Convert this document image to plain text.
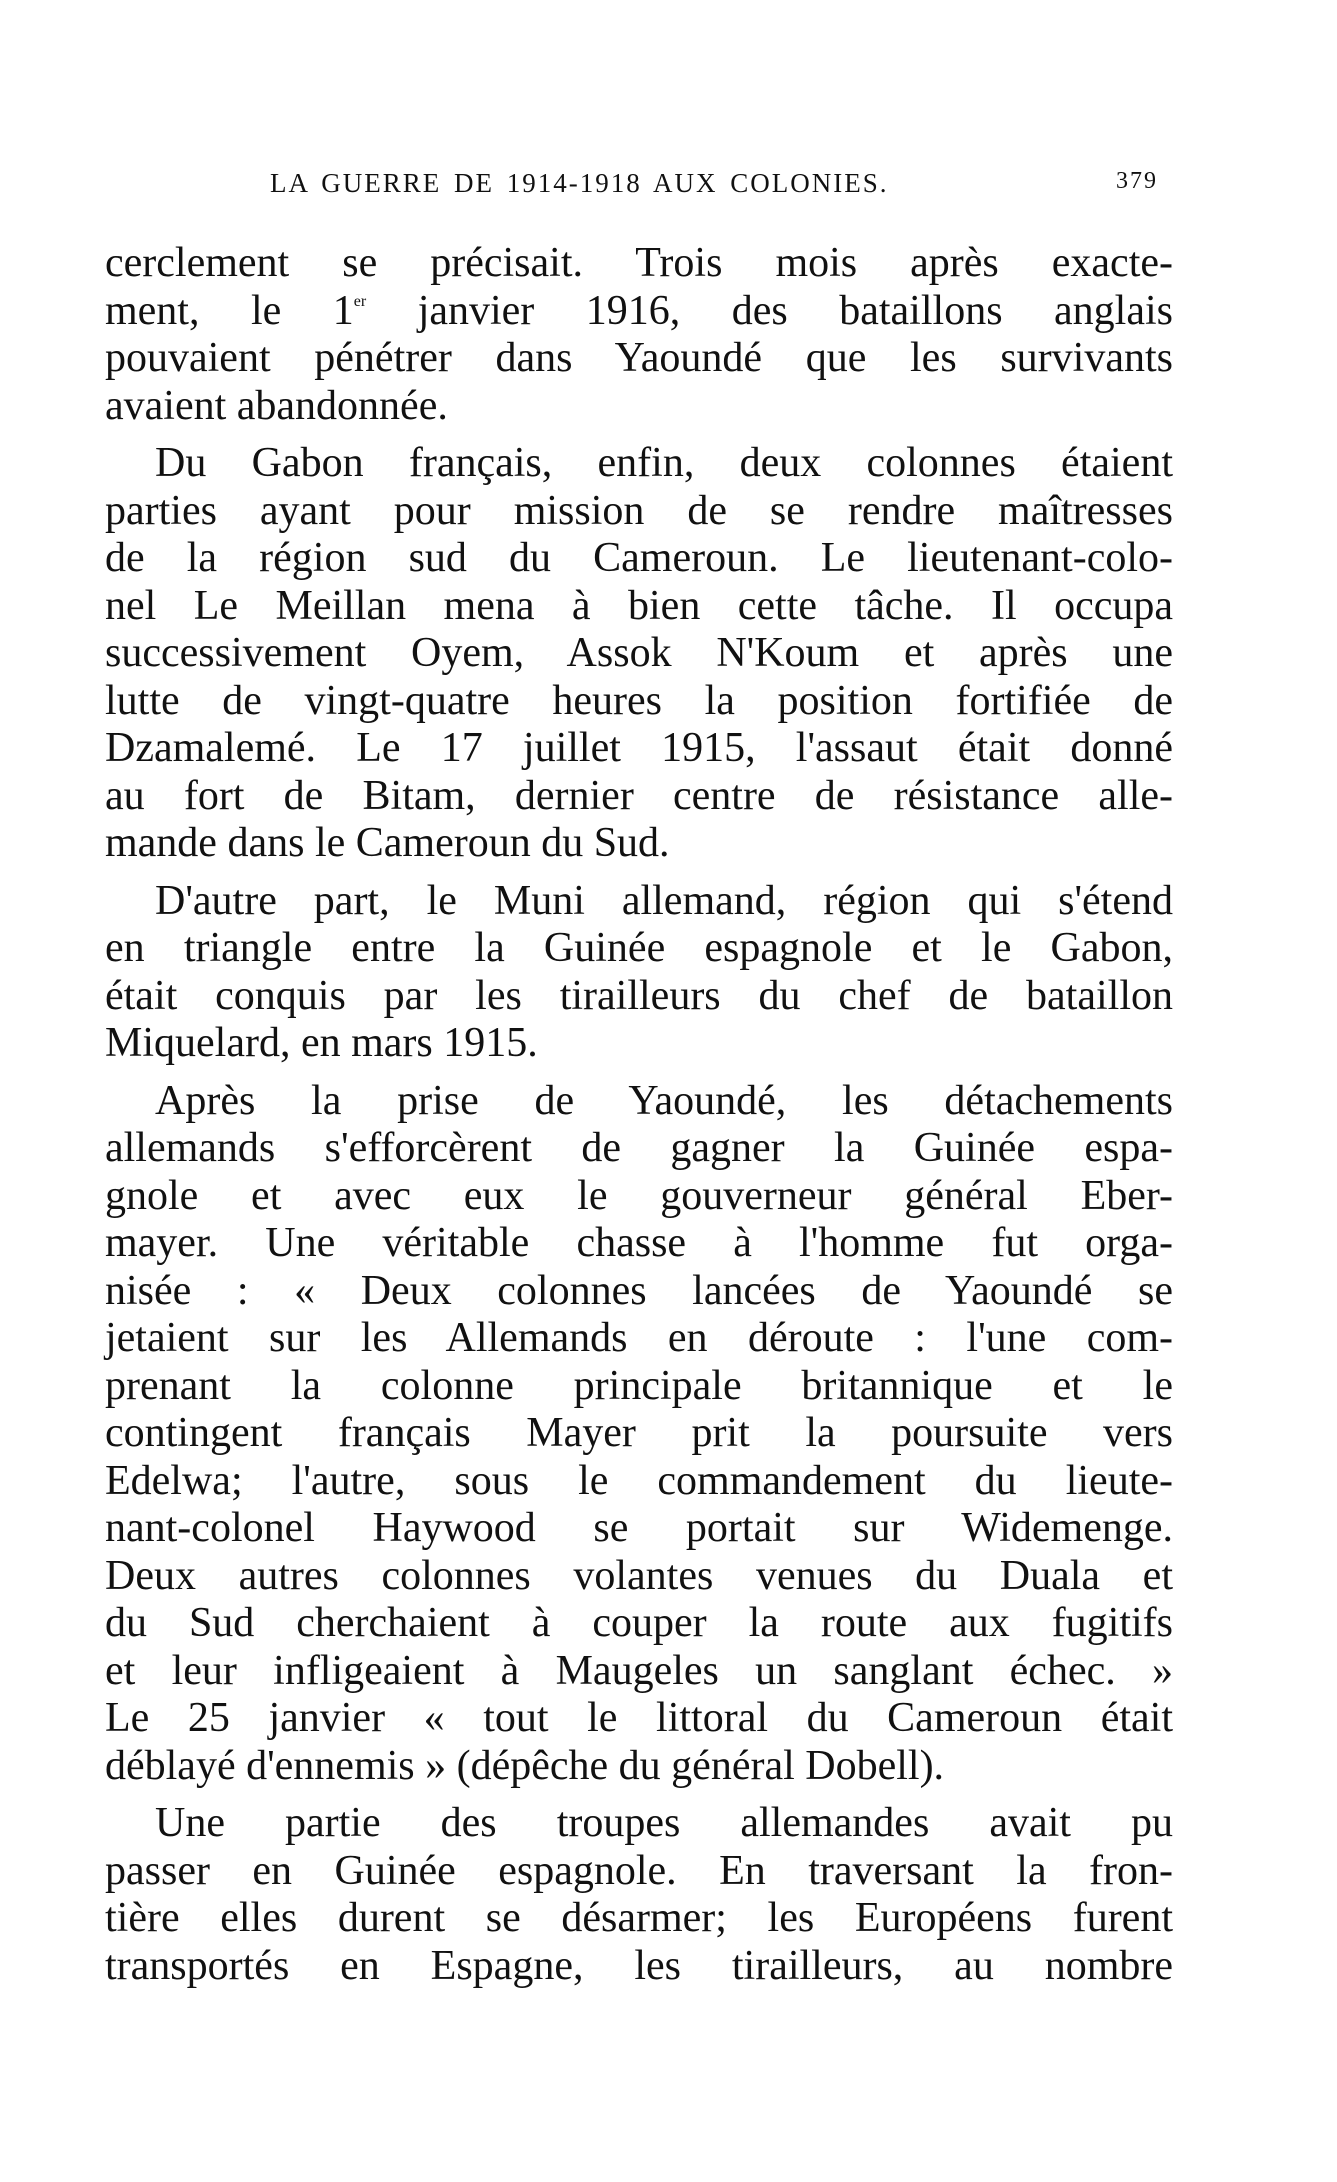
LA GUERRE DE 1914-1918 AUX COLONIES.	379

cerclement se précisait. Trois mois après exacte-
ment, le 1er janvier 1916, des bataillons anglais
pouvaient pénétrer dans Yaoundé que les survivants
avaient abandonnée.

Du Gabon français, enfin, deux colonnes étaient
parties ayant pour mission de se rendre maîtresses
de la région sud du Cameroun. Le lieutenant-colo-
nel Le Meillan mena à bien cette tâche. Il occupa
successivement Oyem, Assok N'Koum et après une
lutte de vingt-quatre heures la position fortifiée de
Dzamalemé. Le 17 juillet 1915, l'assaut était donné
au fort de Bitam, dernier centre de résistance alle-
mande dans le Cameroun du Sud.

D'autre part, le Muni allemand, région qui s'étend
en triangle entre la Guinée espagnole et le Gabon,
était conquis par les tirailleurs du chef de bataillon
Miquelard, en mars 1915.

Après la prise de Yaoundé, les détachements
allemands s'efforcèrent de gagner la Guinée espa-
gnole et avec eux le gouverneur général Eber-
mayer. Une véritable chasse à l'homme fut orga-
nisée : « Deux colonnes lancées de Yaoundé se
jetaient sur les Allemands en déroute : l'une com-
prenant la colonne principale britannique et le
contingent français Mayer prit la poursuite vers
Edelwa; l'autre, sous le commandement du lieute-
nant-colonel Haywood se portait sur Widemenge.
Deux autres colonnes volantes venues du Duala et
du Sud cherchaient à couper la route aux fugitifs
et leur infligeaient à Maugeles un sanglant échec. »
Le 25 janvier « tout le littoral du Cameroun était
déblayé d'ennemis » (dépêche du général Dobell).

Une partie des troupes allemandes avait pu
passer en Guinée espagnole. En traversant la fron-
tière elles durent se désarmer; les Européens furent
transportés en Espagne, les tirailleurs, au nombre
